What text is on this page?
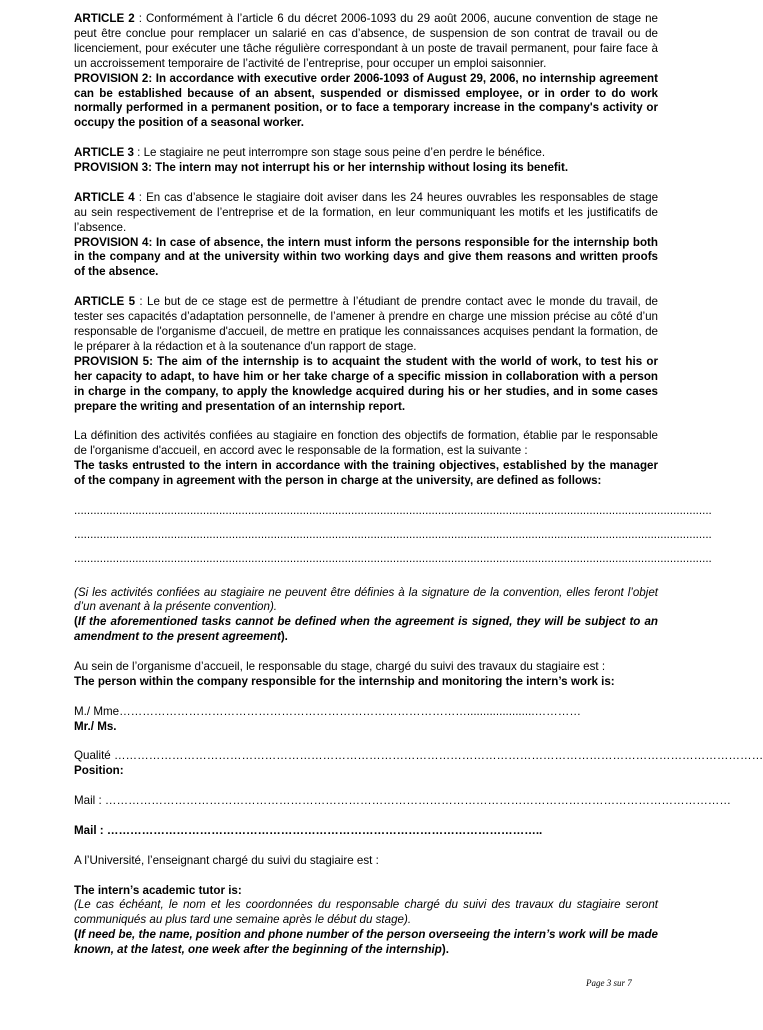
ARTICLE 2 : Conformément à l’article 6 du décret 2006-1093 du 29 août 2006, aucune convention de stage ne peut être conclue pour remplacer un salarié en cas d’absence, de suspension de son contrat de travail ou de licenciement, pour exécuter une tâche régulière correspondant à un poste de travail permanent, pour faire face à un accroissement temporaire de l’activité de l’entreprise, pour occuper un emploi saisonnier.

PROVISION 2: In accordance with executive order 2006-1093 of August 29, 2006, no internship agreement can be established because of an absent, suspended or dismissed employee, or in order to do work normally performed in a permanent position, or to face a temporary increase in the company's activity or occupy the position of a seasonal worker.

ARTICLE 3 : Le stagiaire ne peut interrompre son stage sous peine d’en perdre le bénéfice.

PROVISION 3: The intern may not interrupt his or her internship without losing its benefit.

ARTICLE 4 : En cas d’absence le stagiaire doit aviser dans les 24 heures ouvrables les responsables de stage au sein respectivement de l’entreprise et de la formation, en leur communiquant les motifs et les justificatifs de l’absence.

PROVISION 4: In case of absence, the intern must inform the persons responsible for the internship both in the company and at the university within two working days and give them reasons and written proofs of the absence.

ARTICLE 5 : Le but de ce stage est de permettre à l’étudiant de prendre contact avec le monde du travail, de tester ses capacités d’adaptation personnelle, de l’amener à prendre en charge une mission précise au côté d’un responsable de l'organisme d'accueil, de mettre en pratique les connaissances acquises pendant la formation, de le préparer à la rédaction et à la soutenance d'un rapport de stage.

PROVISION 5: The aim of the internship is to acquaint the student with the world of work, to test his or her capacity to adapt, to have him or her take charge of a specific mission in collaboration with a person in charge in the company, to apply the knowledge acquired during his or her studies, and in some cases prepare the writing and presentation of an internship report.

La définition des activités confiées au stagiaire en fonction des objectifs de formation, établie par le responsable de l'organisme d'accueil, en accord avec le responsable de la formation, est la suivante :

The tasks entrusted to the intern in accordance with the training objectives, established by the manager of the company in agreement with the person in charge at the university, are defined as follows:

......................................................................................................................................................................................................

......................................................................................................................................................................................................

......................................................................................................................................................................................................

(Si les activités confiées au stagiaire ne peuvent être définies à la signature de la convention, elles feront l’objet d’un avenant à la présente convention).

(If the aforementioned tasks cannot be defined when the agreement is signed, they will be subject to an amendment to the present agreement).

Au sein de l’organisme d’accueil, le responsable du stage, chargé du suivi des travaux du stagiaire est :

The person within the company responsible for the internship and monitoring the intern’s work is:

M./ Mme……………………………………………………………………………….....................…………

Mr./ Ms.

Qualité ……………………………………………………………………………………………………………………………………………………

Position:

Mail : ………………………………………………………………………………………………………………………………………………

Mail : …………………………………………………………………………………………………..

A l’Université, l’enseignant chargé du suivi du stagiaire est :

The intern’s academic tutor is:

(Le cas échéant, le nom et les coordonnées du responsable chargé du suivi des travaux du stagiaire seront communiqués au plus tard une semaine après le début du stage).

(If need be, the name, position and phone number of the person overseeing the intern’s work will be made known, at the latest, one week after the beginning of the internship).

Page 3 sur 7
